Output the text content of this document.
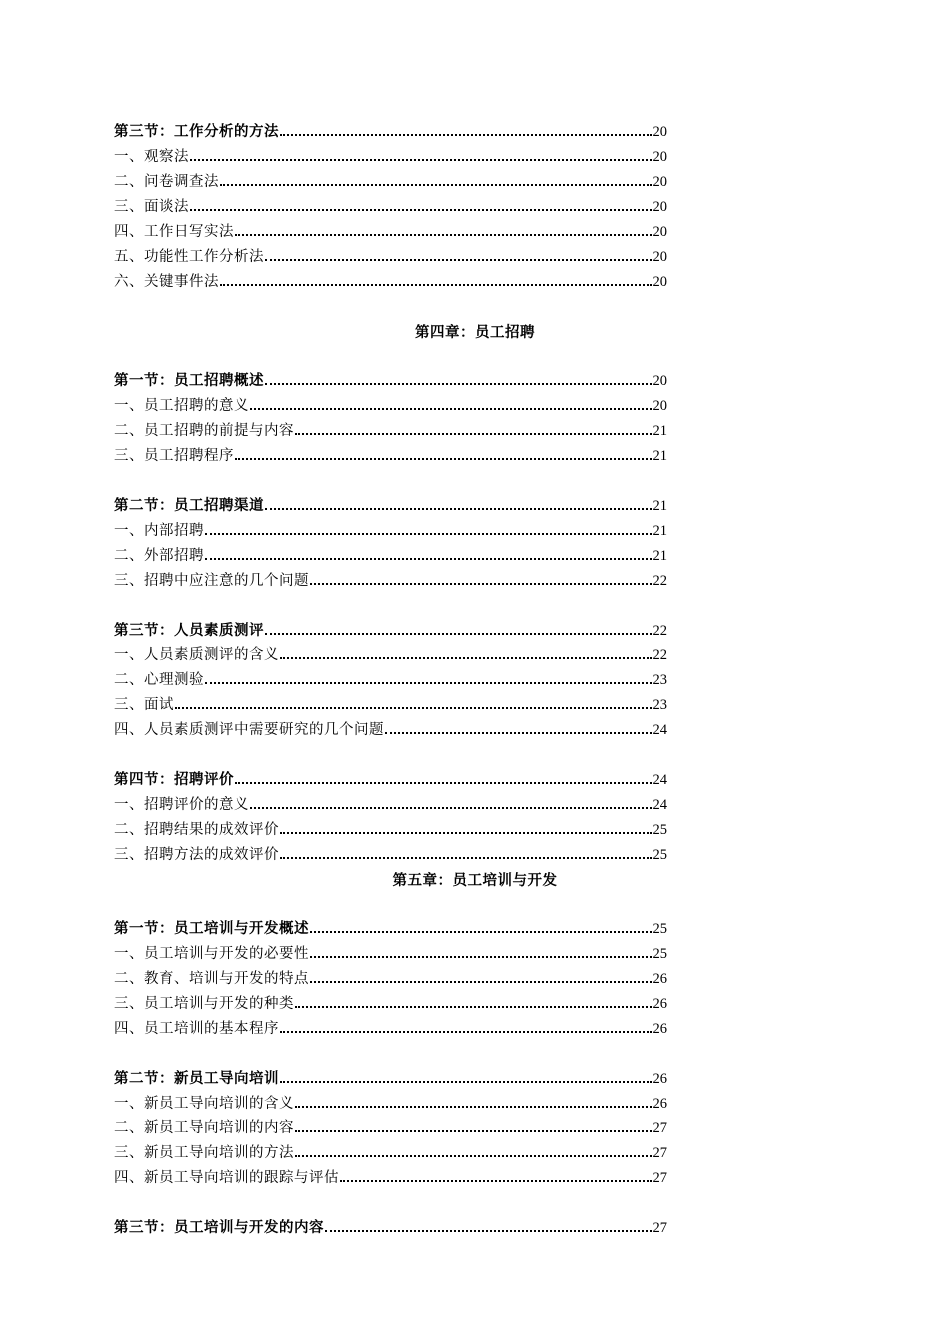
第三节：工作分析的方法	20
一、观察法	20
二、问卷调查法	20
三、面谈法	20
四、工作日写实法	20
五、功能性工作分析法	20
六、关键事件法	20
第四章：员工招聘
第一节：员工招聘概述	20
一、员工招聘的意义	20
二、员工招聘的前提与内容	21
三、员工招聘程序	21
第二节：员工招聘渠道	21
一、内部招聘	21
二、外部招聘	21
三、招聘中应注意的几个问题	22
第三节：人员素质测评	22
一、人员素质测评的含义	22
二、心理测验	23
三、面试	23
四、人员素质测评中需要研究的几个问题	24
第四节：招聘评价	24
一、招聘评价的意义	24
二、招聘结果的成效评价	25
三、招聘方法的成效评价	25
第五章：员工培训与开发
第一节：员工培训与开发概述	25
一、员工培训与开发的必要性	25
二、教育、培训与开发的特点	26
三、员工培训与开发的种类	26
四、员工培训的基本程序	26
第二节：新员工导向培训	26
一、新员工导向培训的含义	26
二、新员工导向培训的内容	27
三、新员工导向培训的方法	27
四、新员工导向培训的跟踪与评估	27
第三节：员工培训与开发的内容	27
